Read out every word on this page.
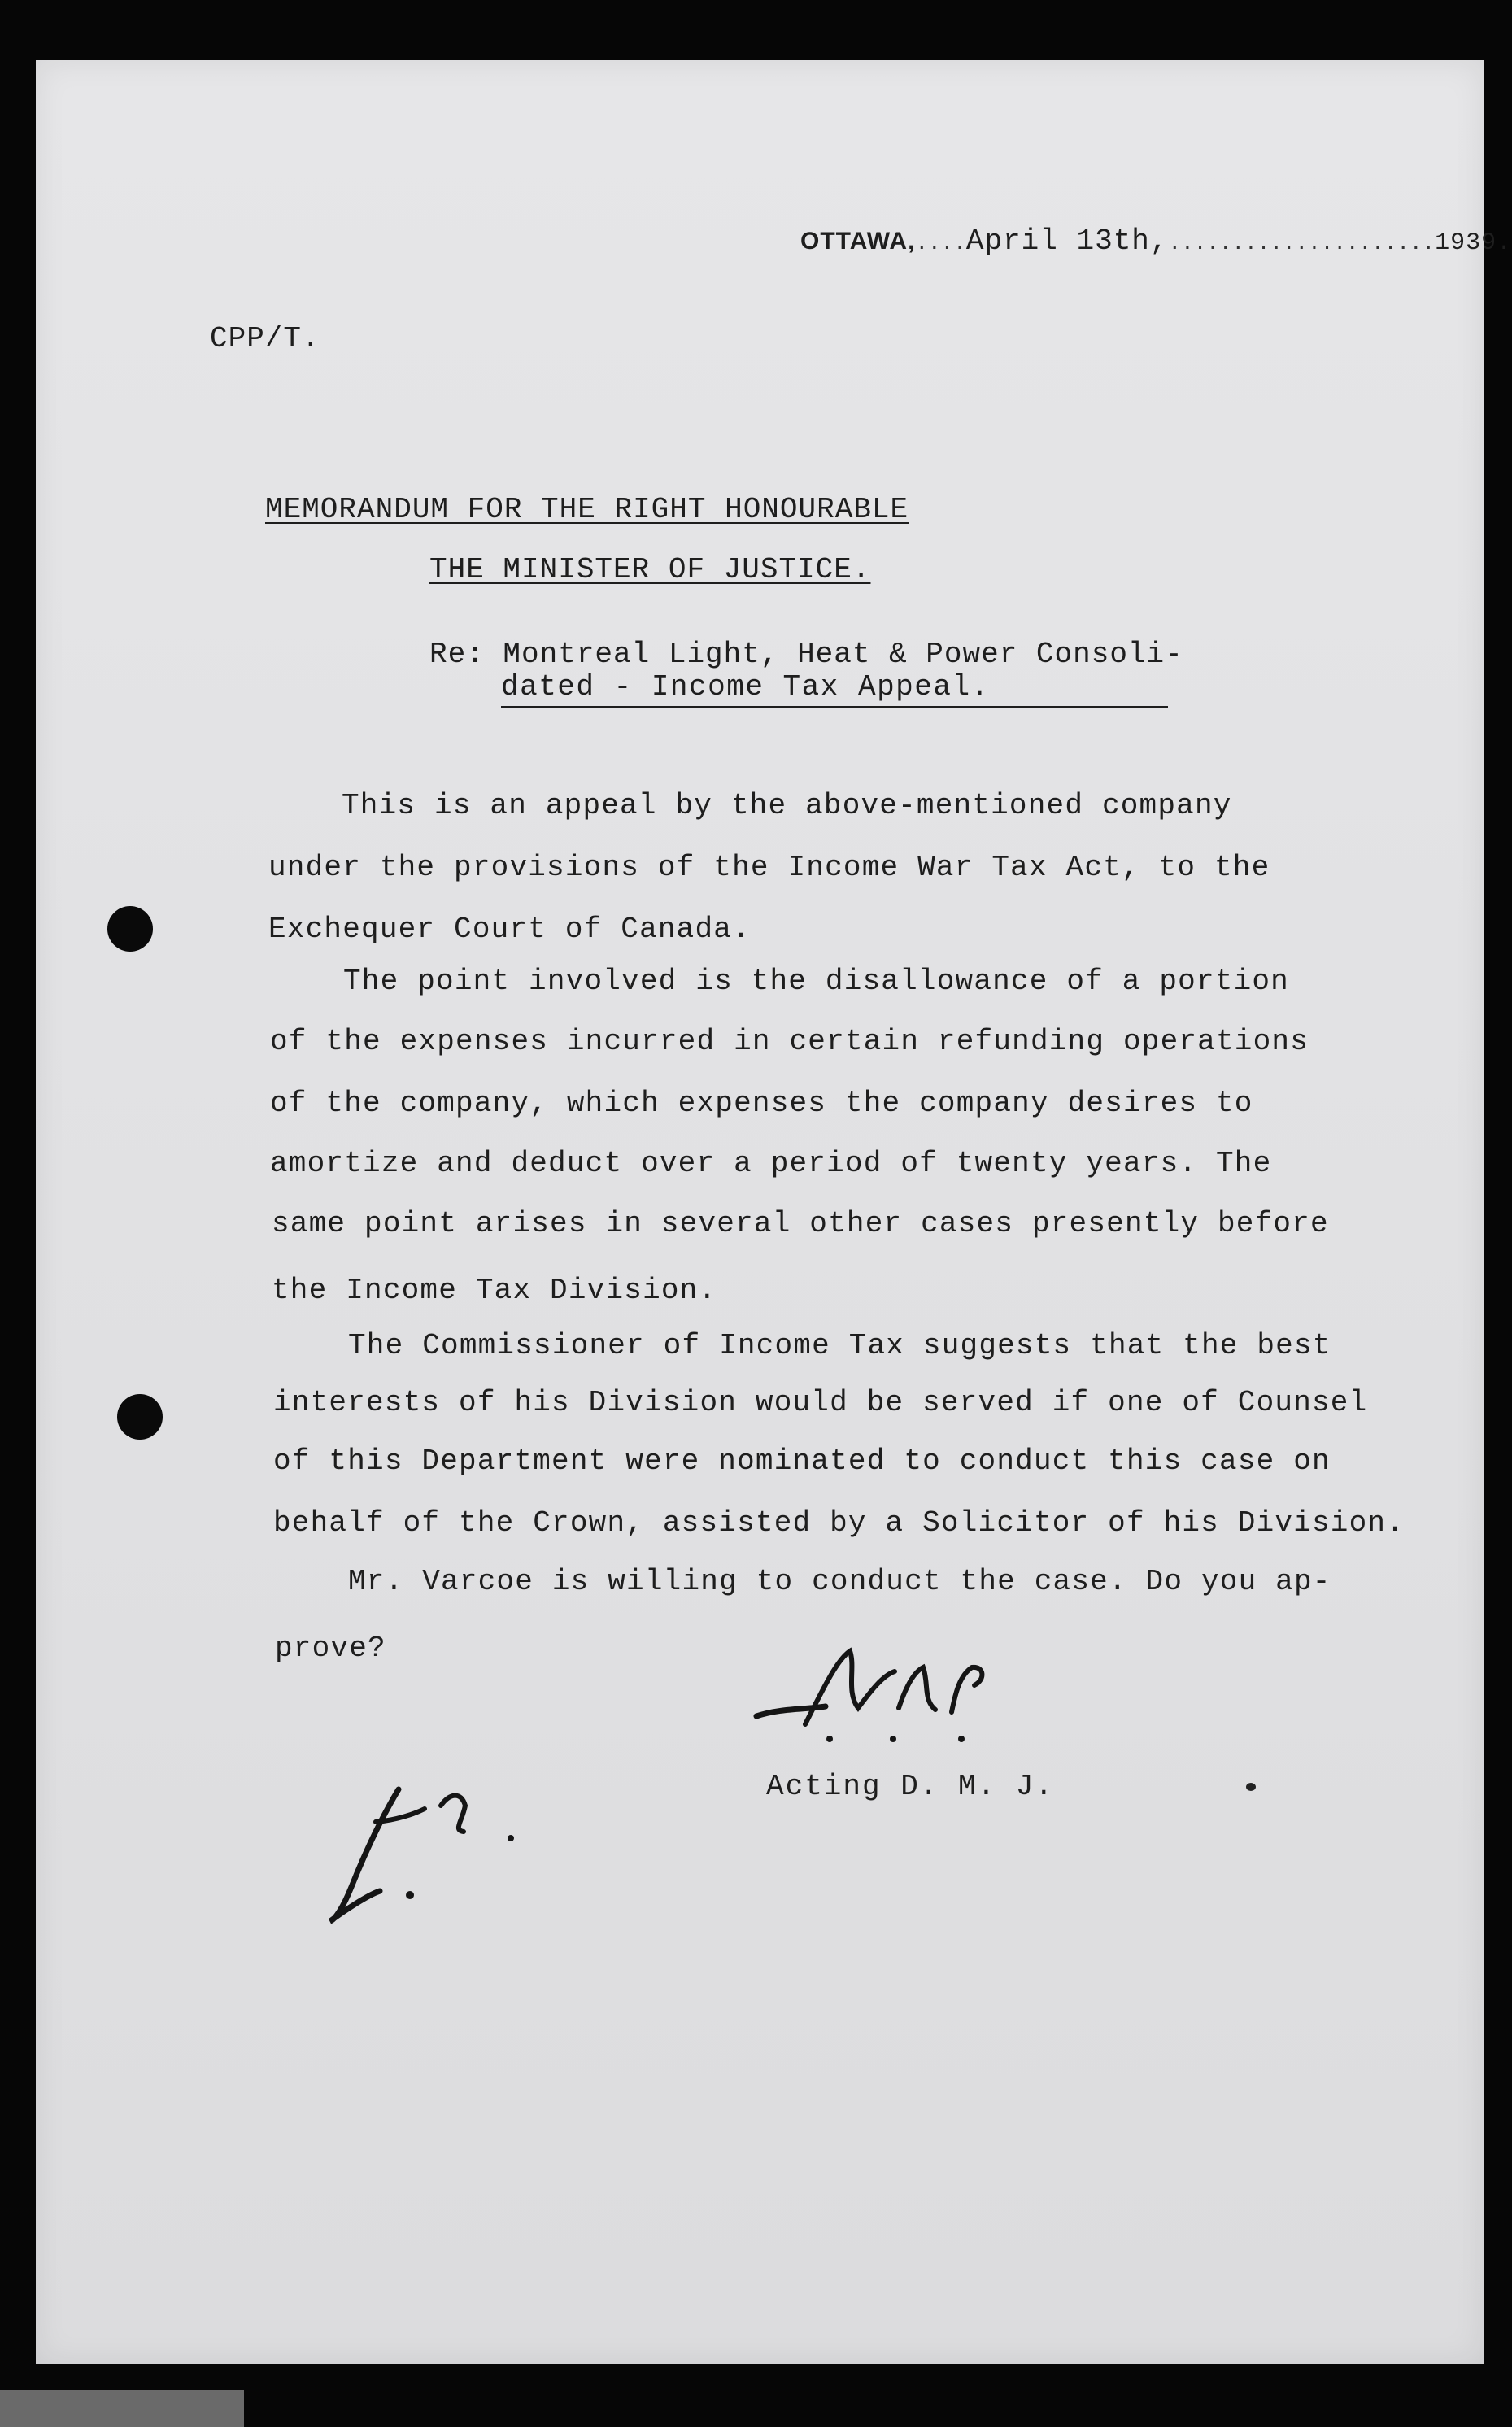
OTTAWA,....April 13th,.....................1939.
CPP/T.
MEMORANDUM FOR THE RIGHT HONOURABLE
THE MINISTER OF JUSTICE.
Re: Montreal Light, Heat & Power Consoli-
dated - Income Tax Appeal.
This is an appeal by the above-mentioned company
under the provisions of the Income War Tax Act, to the
Exchequer Court of Canada.
The point involved is the disallowance of a portion
of the expenses incurred in certain refunding operations
of the company, which expenses the company desires to
amortize and deduct over a period of twenty years. The
same point arises in several other cases presently before
the Income Tax Division.
The Commissioner of Income Tax suggests that the best
interests of his Division would be served if one of Counsel
of this Department were nominated to conduct this case on
behalf of the Crown, assisted by a Solicitor of his Division.
Mr. Varcoe is willing to conduct the case. Do you ap-
prove?
Acting D. M. J.
